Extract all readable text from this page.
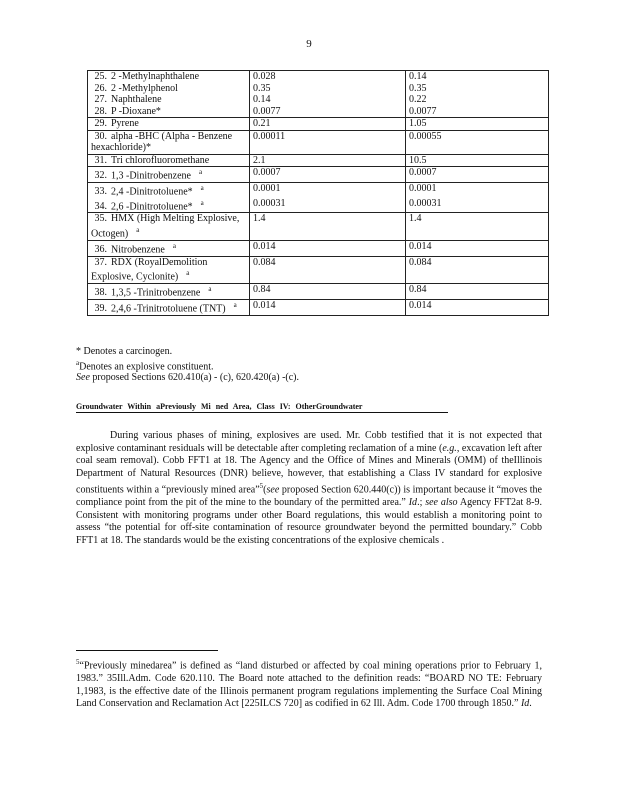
9
25. 2 -Methylnaphthalene	0.028	0.14
26. 2 -Methylphenol	0.35	0.35
27. Naphthalene	0.14	0.22
28. P -Dioxane*	0.0077	0.0077
29. Pyrene	0.21	1.05
30. alpha -BHC (Alpha - Benzene hexachloride)*	0.00011	0.00055
31. Tri chlorofluoromethane	2.1	10.5
32. 1,3 -Dinitrobenzene $^a$	0.0007	0.0007
33. 2,4 -Dinitrotoluene* $^a$	0.0001	0.0001
34. 2,6 -Dinitrotoluene* $^a$	0.00031	0.00031
35. HMX (High Melting Explosive, Octogen) $^a$	1.4	1.4
36. Nitrobenzene $^a$	0.014	0.014
37. RDX (RoyalDemolition Explosive, Cyclonite) $^a$	0.084	0.084
38. 1,3,5 -Trinitrobenzene $^a$	0.84	0.84
39. 2,4,6 -Trinitrotoluene (TNT) $^a$	0.014	0.014
* Denotes a carcinogen.
$^a$Denotes an explosive constituent.
See proposed Sections 620.410(a) - (c), 620.420(a) -(c).
Groundwater Within aPreviously Mi ned Area, Class IV: OtherGroundwater
During various phases of mining, explosives are used. Mr. Cobb testified that it is not expected that explosive contaminant residuals will be detectable after completing reclamation of a mine (e.g., excavation left after coal seam removal). Cobb FFT1 at 18. The Agency and the Office of Mines and Minerals (OMM) of theIllinois Department of Natural Resources (DNR) believe, however, that establishing a Class IV standard for explosive constituents within a “previously mined area”$^5$(see proposed Section 620.440(c)) is important because it “moves the compliance point from the pit of the mine to the boundary of the permitted area.” Id.; see also Agency FFT2at 8-9. Consistent with monitoring programs under other Board regulations, this would establish a monitoring point to assess “the potential for off-site contamination of resource groundwater beyond the permitted boundary.” Cobb FFT1 at 18. The standards would be the existing concentrations of the explosive chemicals .
$^5$“Previously minedarea” is defined as “land disturbed or affected by coal mining operations prior to February 1, 1983.” 35Ill.Adm. Code 620.110. The Board note attached to the definition reads: “BOARD NO TE: February 1,1983, is the effective date of the Illinois permanent program regulations implementing the Surface Coal Mining Land Conservation and Reclamation Act [225ILCS 720] as codified in 62 Ill. Adm. Code 1700 through 1850.” Id.
